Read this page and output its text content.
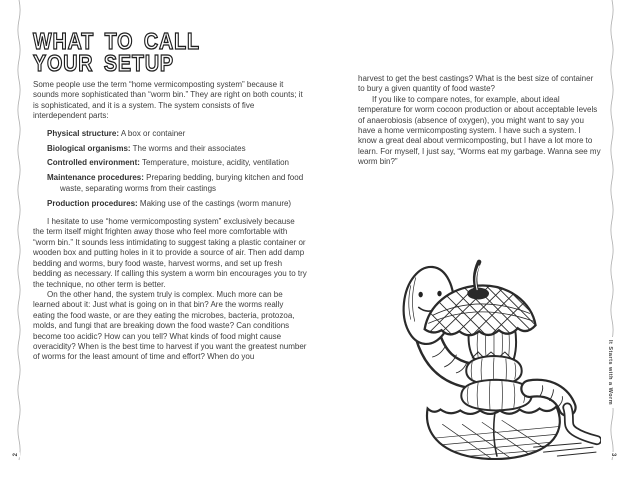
WHAT TO CALL
YOUR SETUP

Some people use the term “home vermicomposting system” because it sounds more sophisticated than “worm bin.” They are right on both counts; it is sophisticated, and it is a system. The system consists of five interdependent parts:

Physical structure: A box or container

Biological organisms: The worms and their associates

Controlled environment: Temperature, moisture, acidity, ventilation

Maintenance procedures: Preparing bedding, burying kitchen and food waste, separating worms from their castings

Production procedures: Making use of the castings (worm manure)

I hesitate to use “home vermicomposting system” exclusively because the term itself might frighten away those who feel more comfortable with “worm bin.” It sounds less intimidating to suggest taking a plastic container or wooden box and putting holes in it to provide a source of air. Then add damp bedding and worms, bury food waste, harvest worms, and set up fresh bedding as necessary. If calling this system a worm bin encourages you to try the technique, no other term is better.

On the other hand, the system truly is complex. Much more can be learned about it: Just what is going on in that bin? Are the worms really eating the food waste, or are they eating the microbes, bacteria, protozoa, molds, and fungi that are breaking down the food waste? Can conditions become too acidic? How can you tell? What kinds of food might cause overacidity? When is the best time to harvest if you want the greatest number of worms for the least amount of time and effort? When do you

harvest to get the best castings? What is the best size of container to bury a given quantity of food waste?

If you like to compare notes, for example, about ideal temperature for worm cocoon production or about acceptable levels of anaerobiosis (absence of oxygen), you might want to say you have a home vermicomposting system. I have such a system. I know a great deal about vermicomposting, but I have a lot more to learn. For myself, I just say, “Worms eat my garbage. Wanna see my worm bin?”

It Starts with a Worm
2	3
